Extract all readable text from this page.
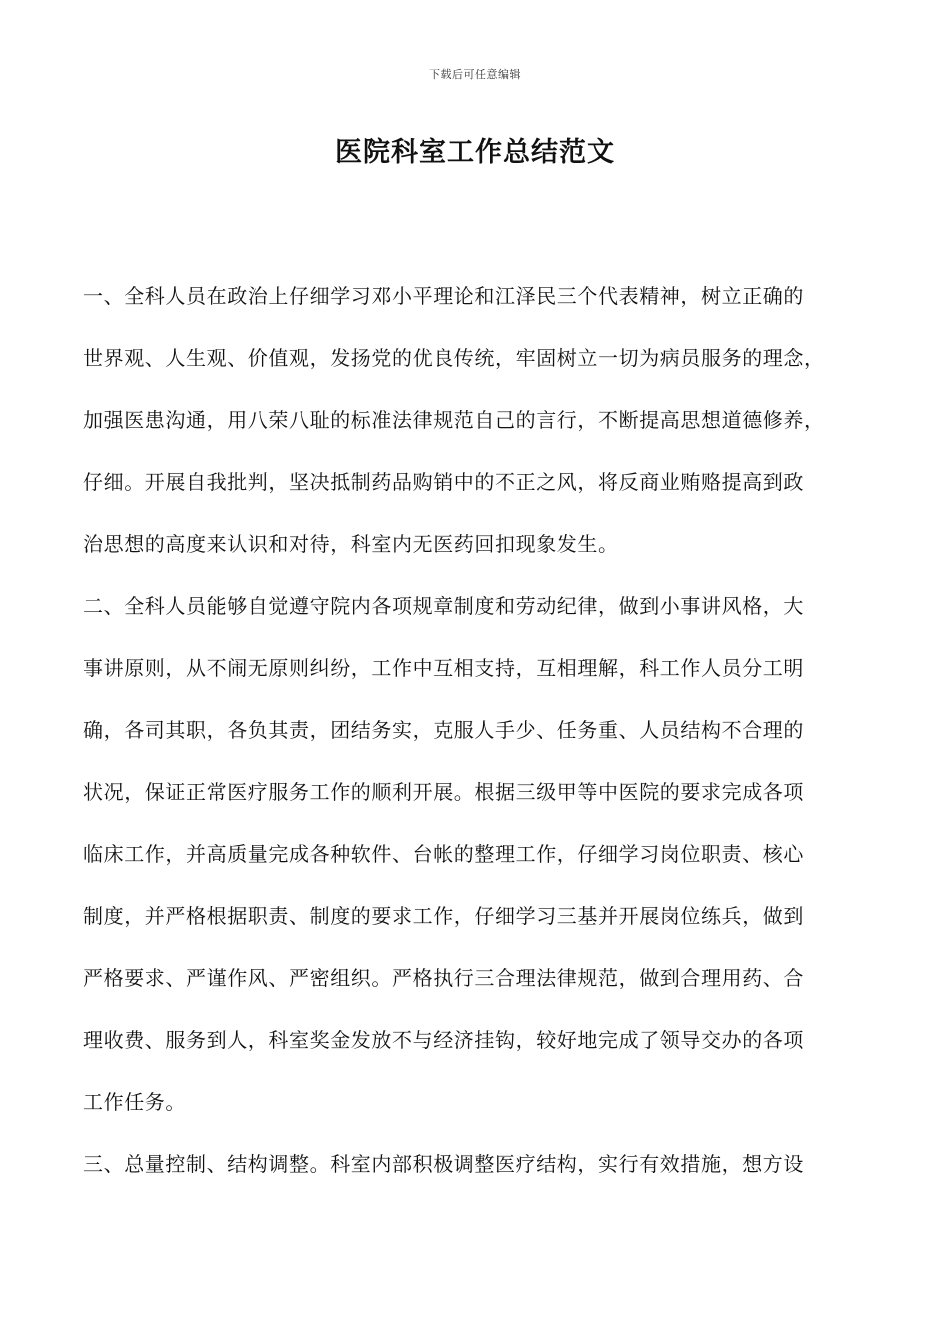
下载后可任意编辑
医院科室工作总结范文
一、全科人员在政治上仔细学习邓小平理论和江泽民三个代表精神，树立正确的
世界观、人生观、价值观，发扬党的优良传统，牢固树立一切为病员服务的理念，
加强医患沟通，用八荣八耻的标准法律规范自己的言行，不断提高思想道德修养，
仔细。开展自我批判，坚决抵制药品购销中的不正之风，将反商业贿赂提高到政
治思想的高度来认识和对待，科室内无医药回扣现象发生。
二、全科人员能够自觉遵守院内各项规章制度和劳动纪律，做到小事讲风格，大
事讲原则，从不闹无原则纠纷，工作中互相支持，互相理解，科工作人员分工明
确，各司其职，各负其责，团结务实，克服人手少、任务重、人员结构不合理的
状况，保证正常医疗服务工作的顺利开展。根据三级甲等中医院的要求完成各项
临床工作，并高质量完成各种软件、台帐的整理工作，仔细学习岗位职责、核心
制度，并严格根据职责、制度的要求工作，仔细学习三基并开展岗位练兵，做到
严格要求、严谨作风、严密组织。严格执行三合理法律规范，做到合理用药、合
理收费、服务到人，科室奖金发放不与经济挂钩，较好地完成了领导交办的各项
工作任务。
三、总量控制、结构调整。科室内部积极调整医疗结构，实行有效措施，想方设
